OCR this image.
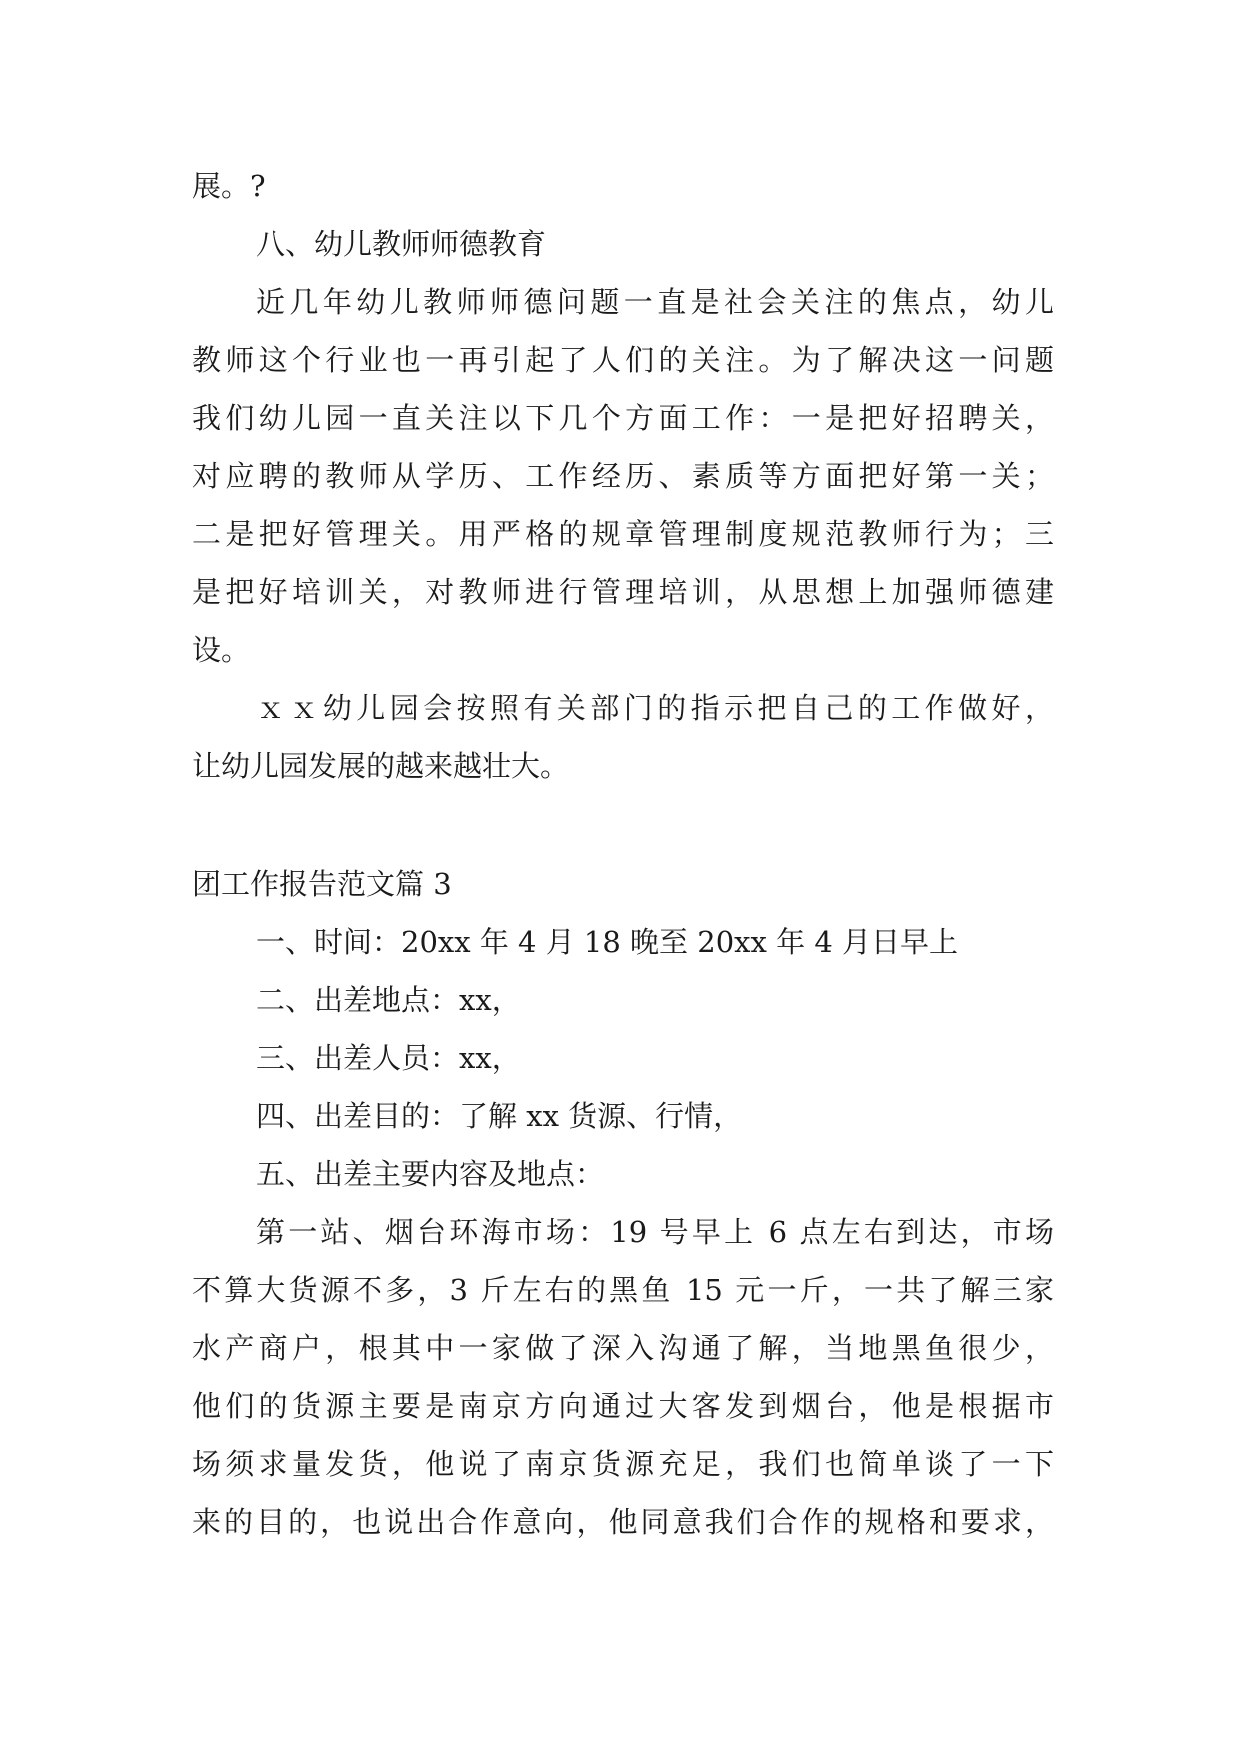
展。?
八、幼儿教师师德教育
近几年幼儿教师师德问题一直是社会关注的焦点，幼儿
教师这个行业也一再引起了人们的关注。为了解决这一问题
我们幼儿园一直关注以下几个方面工作：一是把好招聘关，
对应聘的教师从学历、工作经历、素质等方面把好第一关；
二是把好管理关。用严格的规章管理制度规范教师行为；三
是把好培训关，对教师进行管理培训，从思想上加强师德建
设。
ｘｘ幼儿园会按照有关部门的指示把自己的工作做好，
让幼儿园发展的越来越壮大。
团工作报告范文篇 3
一、时间：20xx 年 4 月 18 晚至 20xx 年 4 月日早上
二、出差地点：xx，
三、出差人员：xx，
四、出差目的：了解 xx 货源、行情，
五、出差主要内容及地点：
第一站、烟台环海市场：19 号早上 6 点左右到达，市场
不算大货源不多，3 斤左右的黑鱼 15 元一斤，一共了解三家
水产商户，根其中一家做了深入沟通了解，当地黑鱼很少，
他们的货源主要是南京方向通过大客发到烟台，他是根据市
场须求量发货，他说了南京货源充足，我们也简单谈了一下
来的目的，也说出合作意向，他同意我们合作的规格和要求，
